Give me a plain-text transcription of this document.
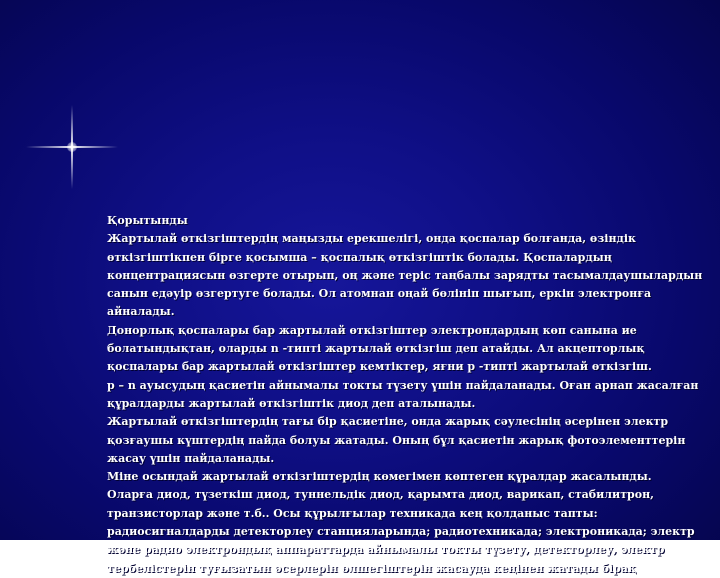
Қорытынды
Жартылай өткізгіштердің маңызды ерекшелігі, онда қоспалар болғанда, өзіндік
өткізгіштікпен бірге қосымша – қоспалық өткізгіштік болады. Қоспалардың
концентрациясын өзгерте отырып, оң және теріс таңбалы зарядты тасымалдаушылардын
санын едәуір өзгертуге болады. Ол атомнан оңай бөлініп шығып, еркін электронға
айналады.
Донорлық қоспалары бар жартылай өткізгіштер электрондардың көп санына ие
болатындықтан, оларды n -типті жартылай өткізгіш деп атайды. Ал акцепторлық
қоспалары бар жартылай өткізгіштер кемтіктер, яғни p -типті жартылай өткізгіш.
p – n ауысудың қасиетін айнымалы токты түзету үшін пайдаланады. Оған арнап жасалған
құралдарды жартылай өткізгіштік диод деп аталынады.
Жартылай өткізгіштердің тағы бір қасиетіне, онда жарық сәулесінің әсерінен электр
қозғаушы күштердің пайда болуы жатады. Оның бұл қасиетін жарық фотоэлементтерін
жасау үшін пайдаланады.
Міне осындай жартылай өткізгіштердің көмегімен көптеген құралдар жасалынды.
Оларға диод, түзеткіш диод, туннельдік диод, қарымта диод, варикап, стабилитрон,
транзисторлар және т.б.. Осы құрылғылар техникада кең қолданыс тапты:
радиосигналдарды детекторлеу станцияларында; радиотехникада; электроникада; электр
және радио электрондық аппараттарда айнымалы токты түзету, детекторлеу, электр
тербелістерін туғызатын әсерлерін өлшегіштерін жасауда кеңінен жатады бірақ
